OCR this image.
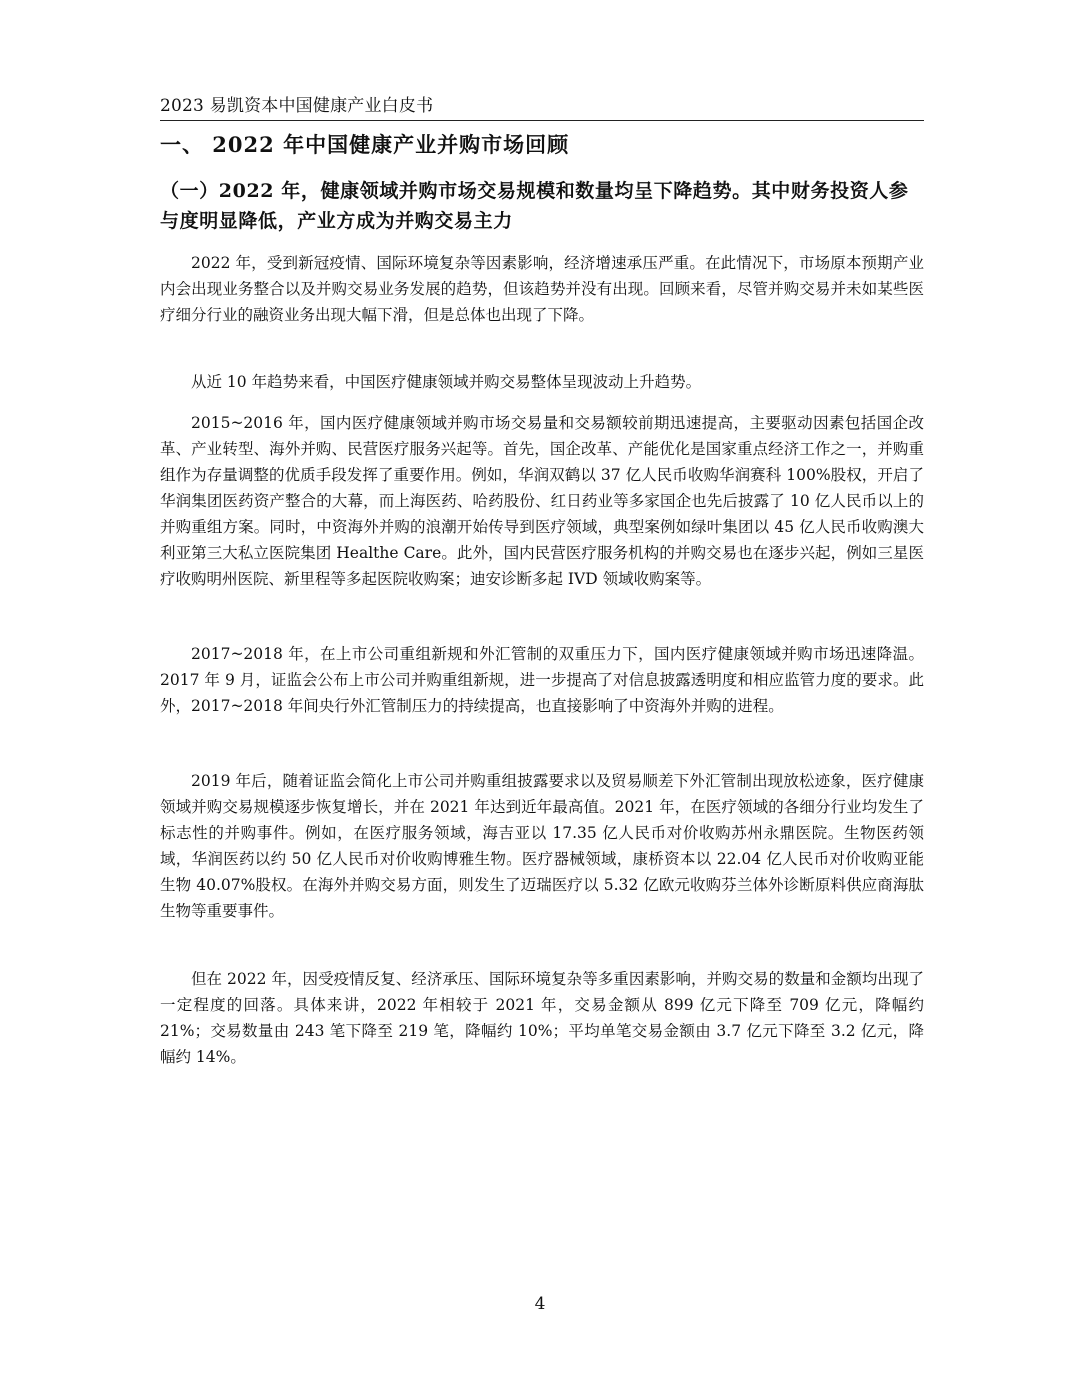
2023 易凯资本中国健康产业白皮书
一、 2022 年中国健康产业并购市场回顾
（一）2022 年，健康领域并购市场交易规模和数量均呈下降趋势。其中财务投资人参与度明显降低，产业方成为并购交易主力

2022 年，受到新冠疫情、国际环境复杂等因素影响，经济增速承压严重。在此情况下，市场原本预期产业内会出现业务整合以及并购交易业务发展的趋势，但该趋势并没有出现。回顾来看，尽管并购交易并未如某些医疗细分行业的融资业务出现大幅下滑，但是总体也出现了下降。

从近 10 年趋势来看，中国医疗健康领域并购交易整体呈现波动上升趋势。

2015~2016 年，国内医疗健康领域并购市场交易量和交易额较前期迅速提高，主要驱动因素包括国企改革、产业转型、海外并购、民营医疗服务兴起等。首先，国企改革、产能优化是国家重点经济工作之一，并购重组作为存量调整的优质手段发挥了重要作用。例如，华润双鹤以 37 亿人民币收购华润赛科 100%股权，开启了华润集团医药资产整合的大幕，而上海医药、哈药股份、红日药业等多家国企也先后披露了 10 亿人民币以上的并购重组方案。同时，中资海外并购的浪潮开始传导到医疗领域，典型案例如绿叶集团以 45 亿人民币收购澳大利亚第三大私立医院集团 Healthe Care。此外，国内民营医疗服务机构的并购交易也在逐步兴起，例如三星医疗收购明州医院、新里程等多起医院收购案；迪安诊断多起 IVD 领域收购案等。

2017~2018 年，在上市公司重组新规和外汇管制的双重压力下，国内医疗健康领域并购市场迅速降温。2017 年 9 月，证监会公布上市公司并购重组新规，进一步提高了对信息披露透明度和相应监管力度的要求。此外，2017~2018 年间央行外汇管制压力的持续提高，也直接影响了中资海外并购的进程。

2019 年后，随着证监会简化上市公司并购重组披露要求以及贸易顺差下外汇管制出现放松迹象，医疗健康领域并购交易规模逐步恢复增长，并在 2021 年达到近年最高值。2021 年，在医疗领域的各细分行业均发生了标志性的并购事件。例如，在医疗服务领域，海吉亚以 17.35 亿人民币对价收购苏州永鼎医院。生物医药领域，华润医药以约 50 亿人民币对价收购博雅生物。医疗器械领域，康桥资本以 22.04 亿人民币对价收购亚能生物 40.07%股权。在海外并购交易方面，则发生了迈瑞医疗以 5.32 亿欧元收购芬兰体外诊断原料供应商海肽生物等重要事件。

但在 2022 年，因受疫情反复、经济承压、国际环境复杂等多重因素影响，并购交易的数量和金额均出现了一定程度的回落。具体来讲，2022 年相较于 2021 年，交易金额从 899 亿元下降至 709 亿元，降幅约 21%；交易数量由 243 笔下降至 219 笔，降幅约 10%；平均单笔交易金额由 3.7 亿元下降至 3.2 亿元，降幅约 14%。

4
